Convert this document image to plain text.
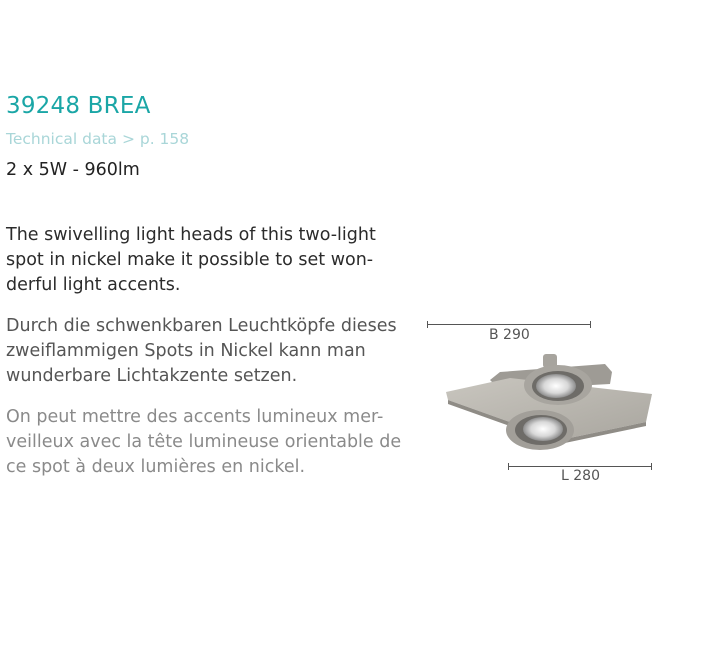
39248 BREA
Technical data > p. 158
2 x 5W - 960lm

The swivelling light heads of this two-light
spot in nickel make it possible to set won-
derful light accents.

Durch die schwenkbaren Leuchtköpfe dieses
zweiflammigen Spots in Nickel kann man
wunderbare Lichtakzente setzen.

On peut mettre des accents lumineux mer-
veilleux avec la tête lumineuse orientable de
ce spot à deux lumières en nickel.

B 290
L 280
